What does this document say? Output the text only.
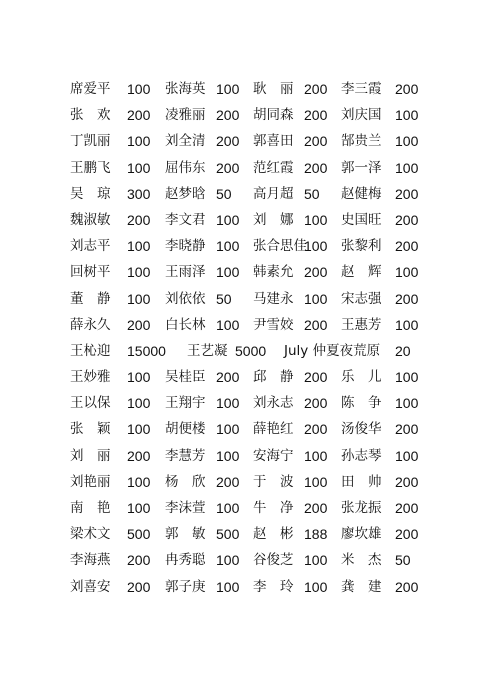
席爱平 100 张海英 100 耿　丽 200 李三霞 200
张　欢 200 凌雅丽 200 胡同森 200 刘庆国 100
丁凯丽 100 刘全清 200 郭喜田 200 郜贵兰 100
王鹏飞 100 屈伟东 200 范红霞 200 郭一泽 100
吴　琼 300 赵梦晗 50 高月超 50 赵健梅 200
魏淑敏 200 李文君 100 刘　娜 100 史国旺 200
刘志平 100 李晓静 100 张合思佳
100 张黎利 200
回树平 100 王雨泽 100 韩素允 200 赵　辉 100
董　静 100 刘依依 50 马建永 100 宋志强 200
薛永久 200 白长林 100 尹雪姣 200 王惠芳 100
王杺迎 15000 王艺凝 5000 July 仲夏夜荒原 20
王妙雅 100 吴桂臣 200 邱　静 200 乐　儿 100
王以保 100 王翔宇 100 刘永志 200 陈　争 100
张　颖 100 胡便楼 100 薛艳红 200 汤俊华 200
刘　丽 200 李慧芳 100 安海宁 100 孙志琴 100
刘艳丽 100 杨　欣 200 于　波 100 田　帅 200
南　艳 100 李沫萱 100 牛　净 200 张龙振 200
梁术文 500 郭　敏 500 赵　彬 188 廖坎雄 200
李海燕 200 冉秀聪 100 谷俊芝 100 米　杰 50
刘喜安 200 郭子庚 100 李　玲 100 龚　建 200
